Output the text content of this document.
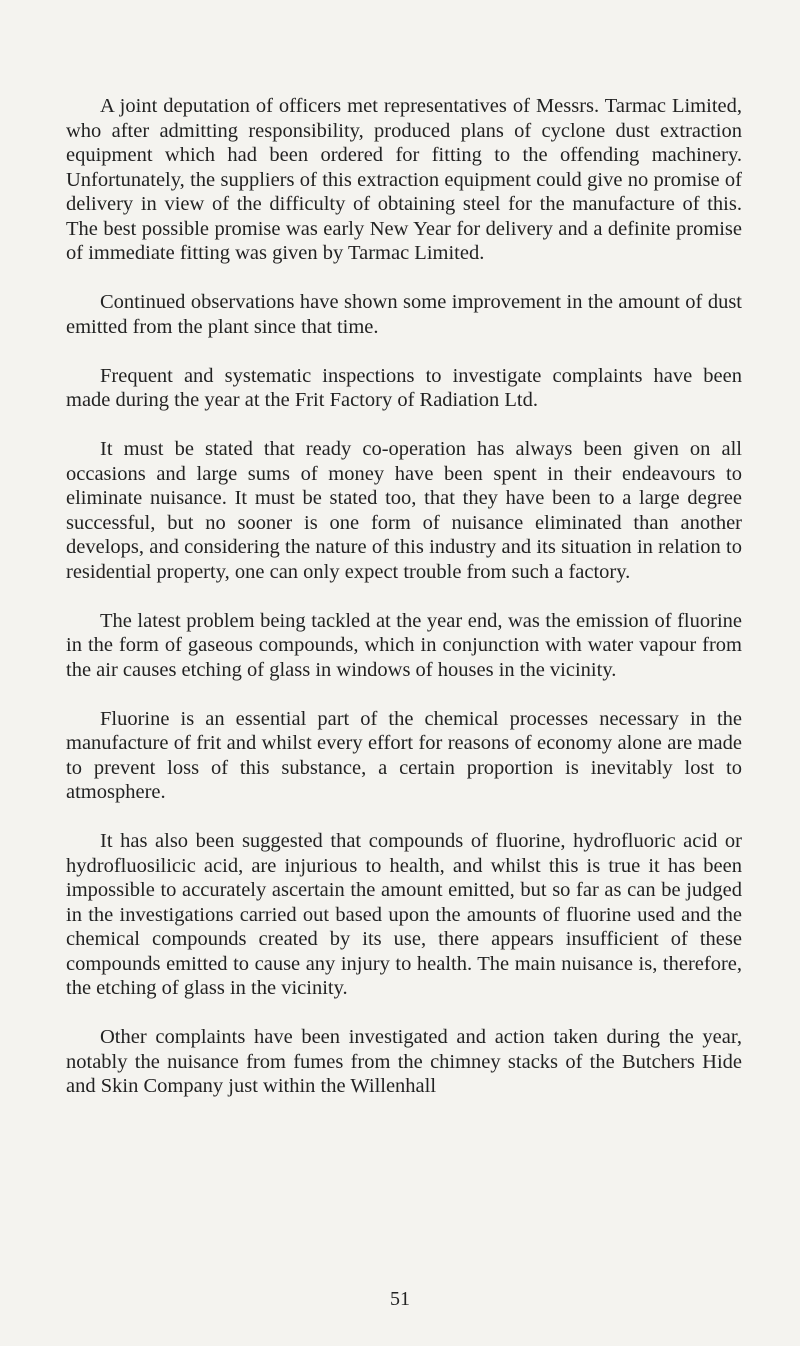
A joint deputation of officers met representatives of Messrs. Tarmac Limited, who after admitting responsibility, produced plans of cyclone dust extraction equipment which had been ordered for fitting to the offending machinery. Unfortunately, the suppliers of this extraction equipment could give no promise of delivery in view of the difficulty of obtaining steel for the manufacture of this. The best possible promise was early New Year for delivery and a definite promise of immediate fitting was given by Tarmac Limited.

Continued observations have shown some improvement in the amount of dust emitted from the plant since that time.

Frequent and systematic inspections to investigate complaints have been made during the year at the Frit Factory of Radiation Ltd.

It must be stated that ready co-operation has always been given on all occasions and large sums of money have been spent in their endeavours to eliminate nuisance. It must be stated too, that they have been to a large degree successful, but no sooner is one form of nuisance eliminated than another develops, and considering the nature of this industry and its situation in relation to residential property, one can only expect trouble from such a factory.

The latest problem being tackled at the year end, was the emission of fluorine in the form of gaseous compounds, which in conjunction with water vapour from the air causes etching of glass in windows of houses in the vicinity.

Fluorine is an essential part of the chemical processes necessary in the manufacture of frit and whilst every effort for reasons of economy alone are made to prevent loss of this substance, a certain proportion is inevitably lost to atmosphere.

It has also been suggested that compounds of fluorine, hydrofluoric acid or hydrofluosilicic acid, are injurious to health, and whilst this is true it has been impossible to accurately ascertain the amount emitted, but so far as can be judged in the investigations carried out based upon the amounts of fluorine used and the chemical compounds created by its use, there appears insufficient of these compounds emitted to cause any injury to health. The main nuisance is, therefore, the etching of glass in the vicinity.

Other complaints have been investigated and action taken during the year, notably the nuisance from fumes from the chimney stacks of the Butchers Hide and Skin Company just within the Willenhall

51
